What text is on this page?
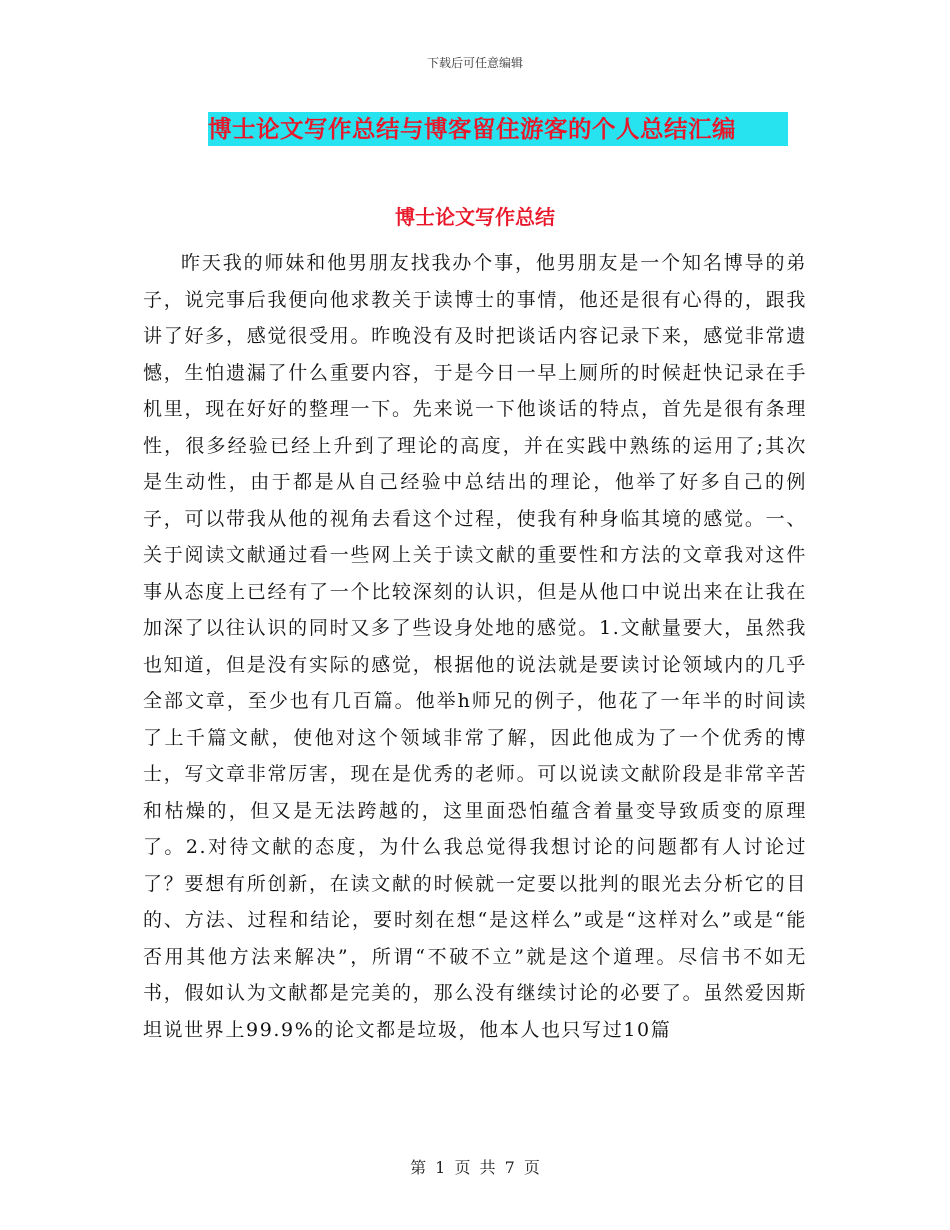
下载后可任意编辑
博士论文写作总结与博客留住游客的个人总结汇编
博士论文写作总结

昨天我的师妹和他男朋友找我办个事，他男朋友是一个知名博导的弟子，说完事后我便向他求教关于读博士的事情，他还是很有心得的，跟我讲了好多，感觉很受用。昨晚没有及时把谈话内容记录下来，感觉非常遗憾，生怕遗漏了什么重要内容，于是今日一早上厕所的时候赶快记录在手机里，现在好好的整理一下。先来说一下他谈话的特点，首先是很有条理性，很多经验已经上升到了理论的高度，并在实践中熟练的运用了;其次是生动性，由于都是从自己经验中总结出的理论，他举了好多自己的例子，可以带我从他的视角去看这个过程，使我有种身临其境的感觉。一、关于阅读文献通过看一些网上关于读文献的重要性和方法的文章我对这件事从态度上已经有了一个比较深刻的认识，但是从他口中说出来在让我在加深了以往认识的同时又多了些设身处地的感觉。1.文献量要大，虽然我也知道，但是没有实际的感觉，根据他的说法就是要读讨论领域内的几乎全部文章，至少也有几百篇。他举h师兄的例子，他花了一年半的时间读了上千篇文献，使他对这个领域非常了解，因此他成为了一个优秀的博士，写文章非常厉害，现在是优秀的老师。可以说读文献阶段是非常辛苦和枯燥的，但又是无法跨越的，这里面恐怕蕴含着量变导致质变的原理了。2.对待文献的态度，为什么我总觉得我想讨论的问题都有人讨论过了？要想有所创新，在读文献的时候就一定要以批判的眼光去分析它的目的、方法、过程和结论，要时刻在想“是这样么”或是“这样对么”或是“能否用其他方法来解决”，所谓“不破不立”就是这个道理。尽信书不如无书，假如认为文献都是完美的，那么没有继续讨论的必要了。虽然爱因斯坦说世界上99.9%的论文都是垃圾，他本人也只写过10篇

第 1 页 共 7 页
